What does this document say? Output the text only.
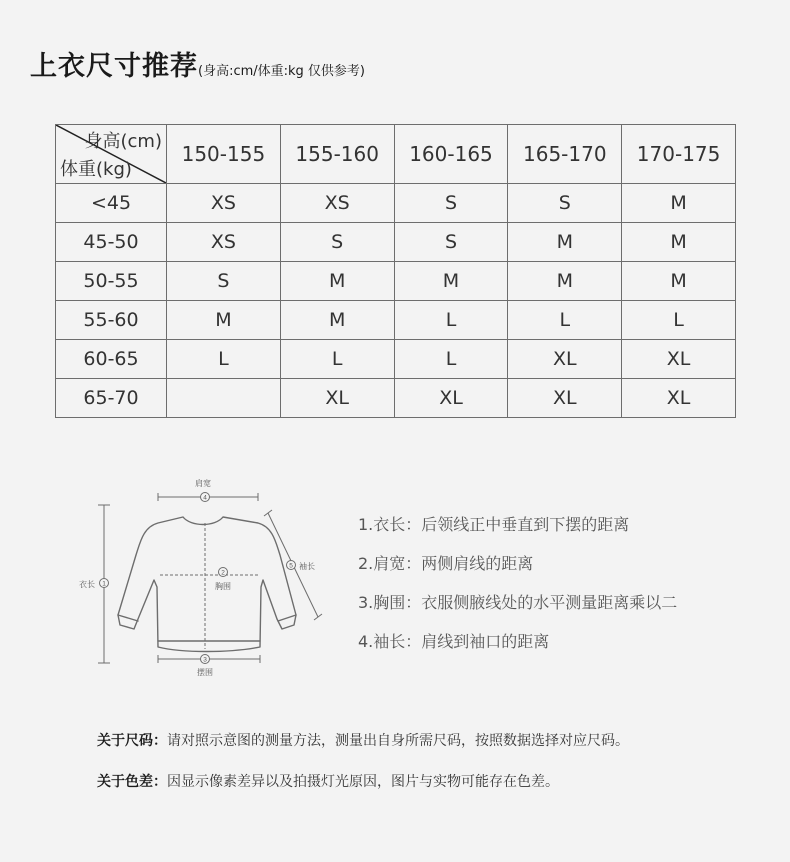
上衣尺寸推荐(身高:cm/体重:kg 仅供参考)
身高(cm)
体重(kg)	150-155	155-160	160-165	165-170	170-175
<45	XS	XS	S	S	M
45-50	XS	S	S	M	M
50-55	S	M	M	M	M
55-60	M	M	L	L	L
60-65	L	L	L	XL	XL
65-70		XL	XL	XL	XL
4
1
2
3
5
肩宽
衣长	胸围
摆围
袖长
1.衣长：后领线正中垂直到下摆的距离
2.肩宽：两侧肩线的距离
3.胸围：衣服侧腋线处的水平测量距离乘以二
4.袖长：肩线到袖口的距离
关于尺码：请对照示意图的测量方法，测量出自身所需尺码，按照数据选择对应尺码。
关于色差：因显示像素差异以及拍摄灯光原因，图片与实物可能存在色差。
